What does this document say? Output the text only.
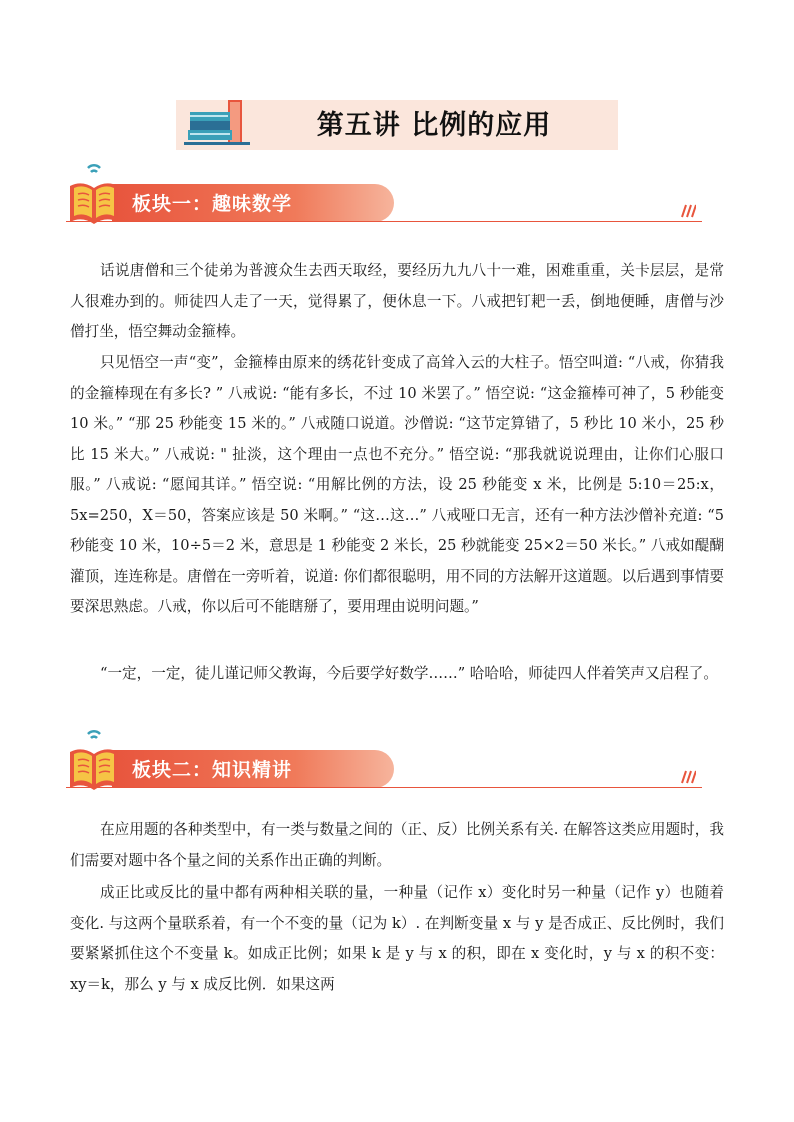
第五讲 比例的应用
板块一：趣味数学

话说唐僧和三个徒弟为普渡众生去西天取经，要经历九九八十一难，困难重重，关卡层层，是常人很难办到的。师徒四人走了一天，觉得累了，便休息一下。八戒把钉耙一丢，倒地便睡，唐僧与沙僧打坐，悟空舞动金箍棒。

只见悟空一声“变”，金箍棒由原来的绣花针变成了高耸入云的大柱子。悟空叫道: “八戒，你猜我的金箍棒现在有多长? ” 八戒说: “能有多长，不过 10 米罢了。” 悟空说: “这金箍棒可神了，5 秒能变 10 米。” “那 25 秒能变 15 米的。” 八戒随口说道。沙僧说: “这节定算错了，5 秒比 10 米小，25 秒比 15 米大。” 八戒说: " 扯淡，这个理由一点也不充分。” 悟空说: “那我就说说理由，让你们心服口服。” 八戒说: “愿闻其详。” 悟空说: “用解比例的方法，设 25 秒能变 x 米，比例是 5:10＝25:x，5x=250，X＝50，答案应该是 50 米啊。” “这…这…” 八戒哑口无言，还有一种方法沙僧补充道: “5 秒能变 10 米，10÷5＝2 米，意思是 1 秒能变 2 米长，25 秒就能变 25×2＝50 米长。” 八戒如醍醐灌顶，连连称是。唐僧在一旁听着，说道: 你们都很聪明，用不同的方法解开这道题。以后遇到事情要要深思熟虑。八戒，你以后可不能瞎掰了，要用理由说明问题。”

“一定，一定，徒儿谨记师父教诲，今后要学好数学……” 哈哈哈，师徒四人伴着笑声又启程了。

板块二：知识精讲

在应用题的各种类型中，有一类与数量之间的（正、反）比例关系有关. 在解答这类应用题时，我们需要对题中各个量之间的关系作出正确的判断。

成正比或反比的量中都有两种相关联的量，一种量（记作 x）变化时另一种量（记作 y）也随着变化. 与这两个量联系着，有一个不变的量（记为 k）. 在判断变量 x 与 y 是否成正、反比例时，我们要紧紧抓住这个不变量 k。如成正比例；如果 k 是 y 与 x 的积，即在 x 变化时，y 与 x 的积不变：xy＝k，那么 y 与 x 成反比例．如果这两
